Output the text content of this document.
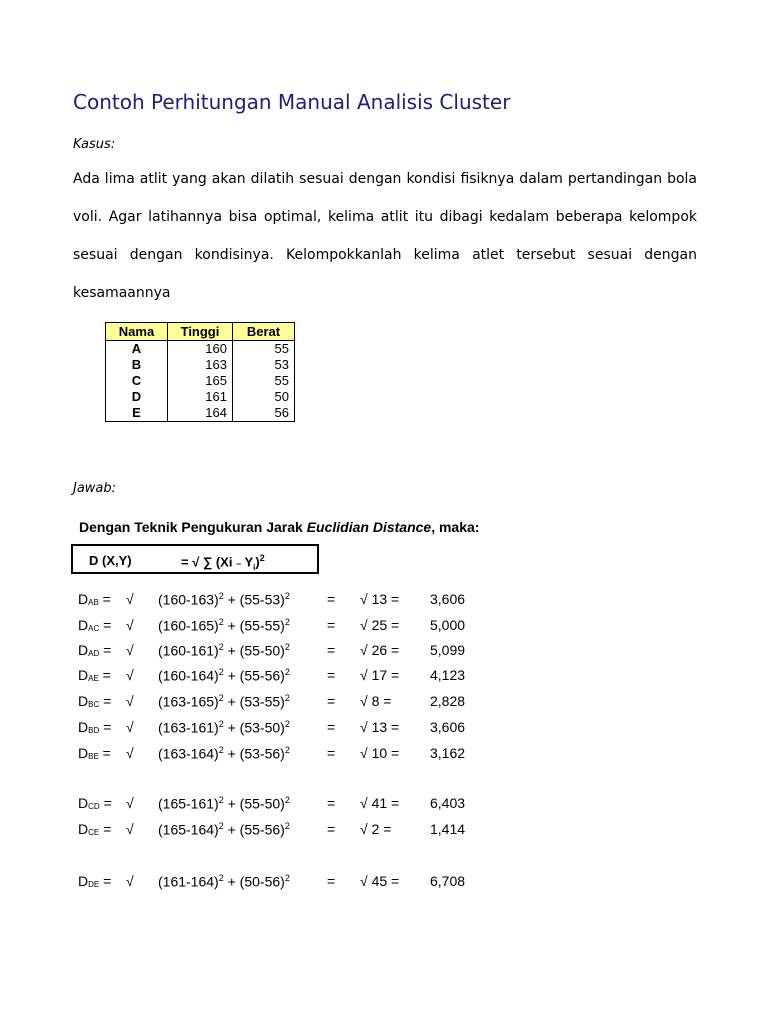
Contoh Perhitungan Manual Analisis Cluster
Kasus:

Ada lima atlit yang akan dilatih sesuai dengan kondisi fisiknya dalam pertandingan bola voli. Agar latihannya bisa optimal, kelima atlit itu dibagi kedalam beberapa kelompok sesuai dengan kondisinya. Kelompokkanlah kelima atlet tersebut sesuai dengan kesamaannya

Nama	Tinggi	Berat
A	160	55
B	163	53
C	165	55
D	161	50
E	164	56
Jawab:
Dengan Teknik Pengukuran Jarak Euclidian Distance, maka:
D (X,Y)	= √ ∑ $(Xi - Y_i)^2$
$D_{AB}$ = √ $(160-163)^2 + (55-53)^2$	= √ 13 = 3,606
$D_{AC}$ = √ $(160-165)^2 + (55-55)^2$	= √ 25 = 5,000
$D_{AD}$ = √ $(160-161)^2 + (55-50)^2$	= √ 26 = 5,099
$D_{AE}$ = √ $(160-164)^2 + (55-56)^2$	= √ 17 = 4,123
$D_{BC}$ = √ $(163-165)^2 + (53-55)^2$	= √ 8 =	2,828
$D_{BD}$ = √ $(163-161)^2 + (53-50)^2$	= √ 13 = 3,606
$D_{BE}$ = √ $(163-164)^2 + (53-56)^2$	= √ 10 = 3,162
$D_{CD}$ = √ $(165-161)^2 + (55-50)^2$	= √ 41 = 6,403
$D_{CE}$ = √ $(165-164)^2 + (55-56)^2$	= √ 2 =	1,414
$D_{DE}$ = √ $(161-164)^2 + (50-56)^2$	= √ 45 = 6,708
